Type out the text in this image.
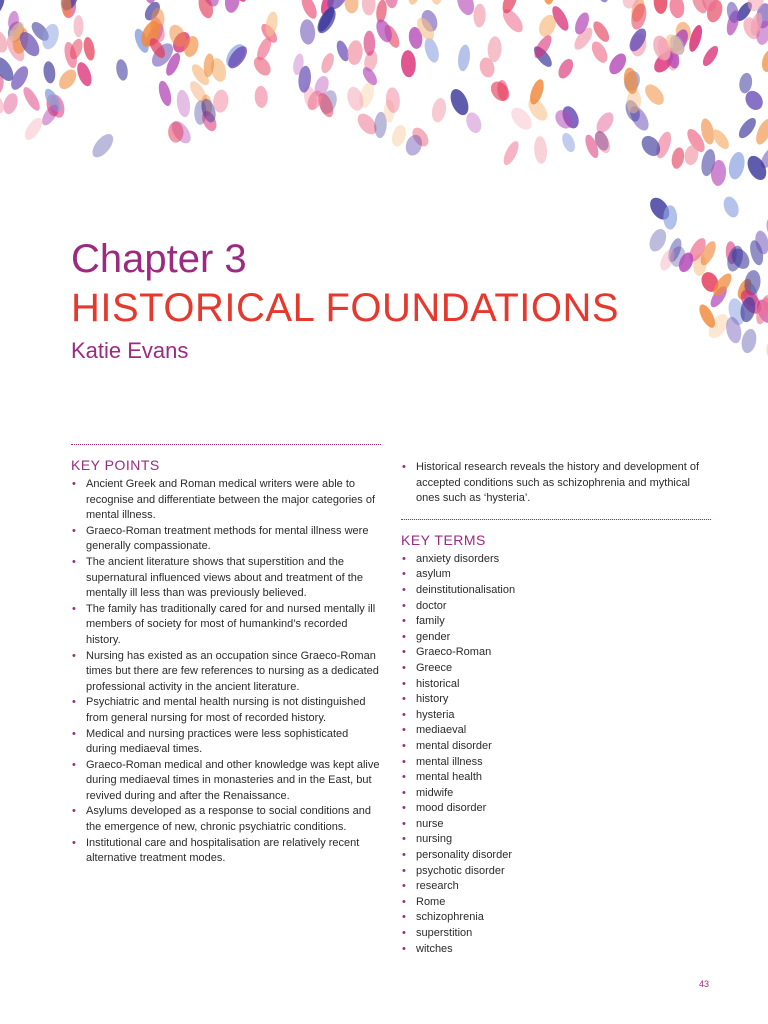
Chapter 3
HISTORICAL FOUNDATIONS
Katie Evans
KEY POINTS
• Ancient Greek and Roman medical writers were able to recognise and differentiate between the major categories of mental illness.
• Graeco-Roman treatment methods for mental illness were generally compassionate.
• The ancient literature shows that superstition and the supernatural influenced views about and treatment of the mentally ill less than was previously believed.
• The family has traditionally cared for and nursed mentally ill members of society for most of humankind’s recorded history.
• Nursing has existed as an occupation since Graeco-Roman times but there are few references to nursing as a dedicated professional activity in the ancient literature.
• Psychiatric and mental health nursing is not distinguished from general nursing for most of recorded history.
• Medical and nursing practices were less sophisticated during mediaeval times.
• Graeco-Roman medical and other knowledge was kept alive during mediaeval times in monasteries and in the East, but revived during and after the Renaissance.
• Asylums developed as a response to social conditions and the emergence of new, chronic psychiatric conditions.
• Institutional care and hospitalisation are relatively recent alternative treatment modes.
• Historical research reveals the history and development of accepted conditions such as schizophrenia and mythical ones such as ‘hysteria’.
KEY TERMS
• anxiety disorders
• asylum
• deinstitutionalisation
• doctor
• family
• gender
• Graeco-Roman
• Greece
• historical
• history
• hysteria
• mediaeval
• mental disorder
• mental illness
• mental health
• midwife
• mood disorder
• nurse
• nursing
• personality disorder
• psychotic disorder
• research
• Rome
• schizophrenia
• superstition
• witches
43
